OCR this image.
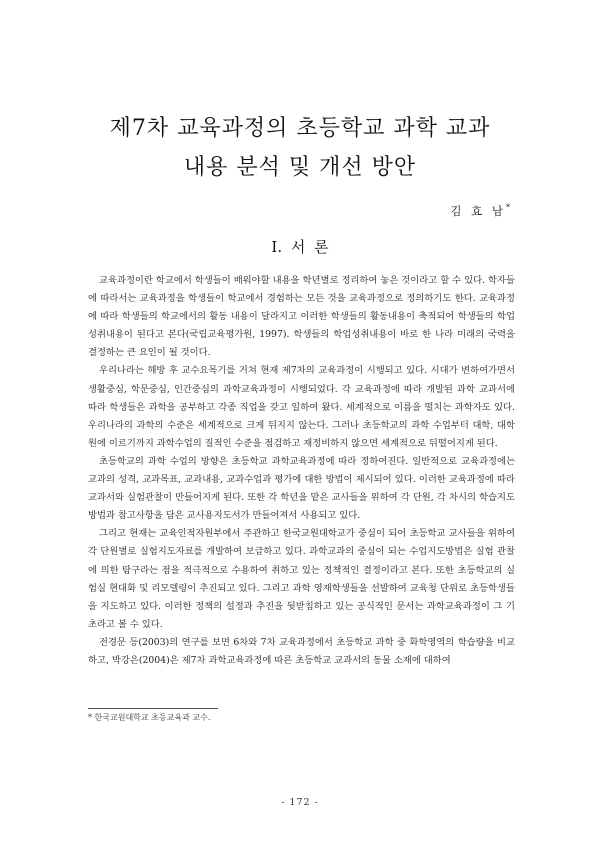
제7차 교육과정의 초등학교 과학 교과
내용 분석 및 개선 방안
김 효 남*
I. 서 론

교육과정이란 학교에서 학생들이 배워야할 내용을 학년별로 정리하여 놓은 것이라고 할 수 있다. 학자들에 따라서는 교육과정을 학생들이 학교에서 경험하는 모든 것을 교육과정으로 정의하기도 한다. 교육과정에 따라 학생들의 학교에서의 활동 내용이 달라지고 이러한 학생들의 활동내용이 축적되어 학생들의 학업성취내용이 된다고 본다(국립교육평가원, 1997). 학생들의 학업성취내용이 바로 한 나라 미래의 국력을 결정하는 큰 요인이 될 것이다.

우리나라는 해방 후 교수요목기를 거쳐 현재 제7차의 교육과정이 시행되고 있다. 시대가 변하여가면서 생활중심, 학문중심, 인간중심의 과학교육과정이 시행되었다. 각 교육과정에 따라 개발된 과학 교과서에 따라 학생들은 과학을 공부하고 각종 직업을 갖고 일하여 왔다. 세계적으로 이름을 떨치는 과학자도 있다. 우리나라의 과학의 수준은 세계적으로 크게 뒤지지 않는다. 그러나 초등학교의 과학 수업부터 대학, 대학원에 이르기까지 과학수업의 질적인 수준을 점검하고 재정비하지 않으면 세계적으로 뒤떨어지게 된다.

초등학교의 과학 수업의 방향은 초등학교 과학교육과정에 따라 정하여진다. 일반적으로 교육과정에는 교과의 성격, 교과목표, 교과내용, 교과수업과 평가에 대한 방법이 제시되어 있다. 이러한 교육과정에 따라 교과서와 실험관찰이 만들어지게 된다. 또한 각 학년을 맡은 교사들을 위하여 각 단원, 각 차시의 학습지도방법과 참고사항을 담은 교사용지도서가 만들어져서 사용되고 있다.

그리고 현재는 교육인적자원부에서 주관하고 한국교원대학교가 중심이 되어 초등학교 교사들을 위하여 각 단원별로 실험지도자료를 개발하여 보급하고 있다. 과학교과의 중심이 되는 수업지도방법은 실험 관찰에 의한 탐구라는 점을 적극적으로 수용하여 취하고 있는 정책적인 결정이라고 본다. 또한 초등학교의 실험실 현대화 및 리모델링이 추진되고 있다. 그리고 과학 영재학생들을 선발하여 교육청 단위로 초등학생들을 지도하고 있다. 이러한 정책의 설정과 추진을 뒷받침하고 있는 공식적인 문서는 과학교육과정이 그 기초라고 볼 수 있다.

전경문 등(2003)의 연구를 보면 6차와 7차 교육과정에서 초등학교 과학 중 화학영역의 학습량을 비교하고, 박강은(2004)은 제7차 과학교육과정에 따른 초등학교 교과서의 동물 소재에 대하여

* 한국교원대학교 초등교육과 교수.
- 172 -
